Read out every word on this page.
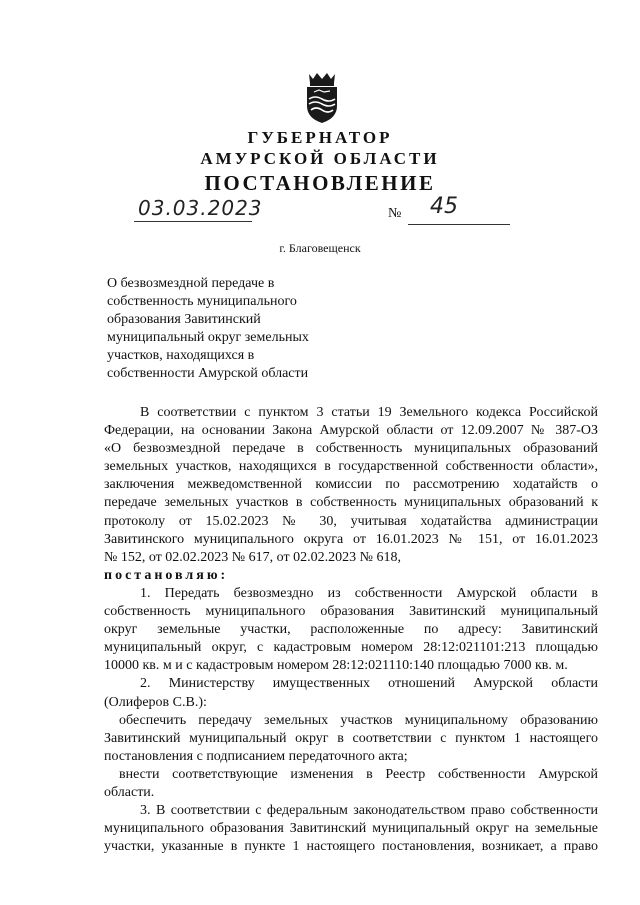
ГУБЕРНАТОР
АМУРСКОЙ ОБЛАСТИ
ПОСТАНОВЛЕНИЕ
03.03.2023	№ 45
г. Благовещенск
О безвозмездной передаче в
собственность муниципального
образования Завитинский
муниципальный округ земельных
участков, находящихся в
собственности Амурской области
В соответствии с пунктом 3 статьи 19 Земельного кодекса Российской
Федерации, на основании Закона Амурской области от 12.09.2007 № 387-ОЗ
«О безвозмездной передаче в собственность муниципальных образований
земельных участков, находящихся в государственной собственности области»,
заключения межведомственной комиссии по рассмотрению ходатайств о
передаче земельных участков в собственность муниципальных образований к
протоколу от 15.02.2023 № 30, учитывая ходатайства администрации
Завитинского муниципального округа от 16.01.2023 № 151, от 16.01.2023
№ 152, от 02.02.2023 № 617, от 02.02.2023 № 618,
постановляю:
1. Передать безвозмездно из собственности Амурской области в
собственность муниципального образования Завитинский муниципальный
округ земельные участки, расположенные по адресу: Завитинский
муниципальный округ, с кадастровым номером 28:12:021101:213 площадью
10000 кв. м и с кадастровым номером 28:12:021110:140 площадью 7000 кв. м.
2. Министерству имущественных отношений Амурской области
(Олиферов С.В.):
обеспечить передачу земельных участков муниципальному образованию
Завитинский муниципальный округ в соответствии с пунктом 1 настоящего
постановления с подписанием передаточного акта;
внести соответствующие изменения в Реестр собственности Амурской
области.
3. В соответствии с федеральным законодательством право собственности
муниципального образования Завитинский муниципальный округ на земельные
участки, указанные в пункте 1 настоящего постановления, возникает, а право
